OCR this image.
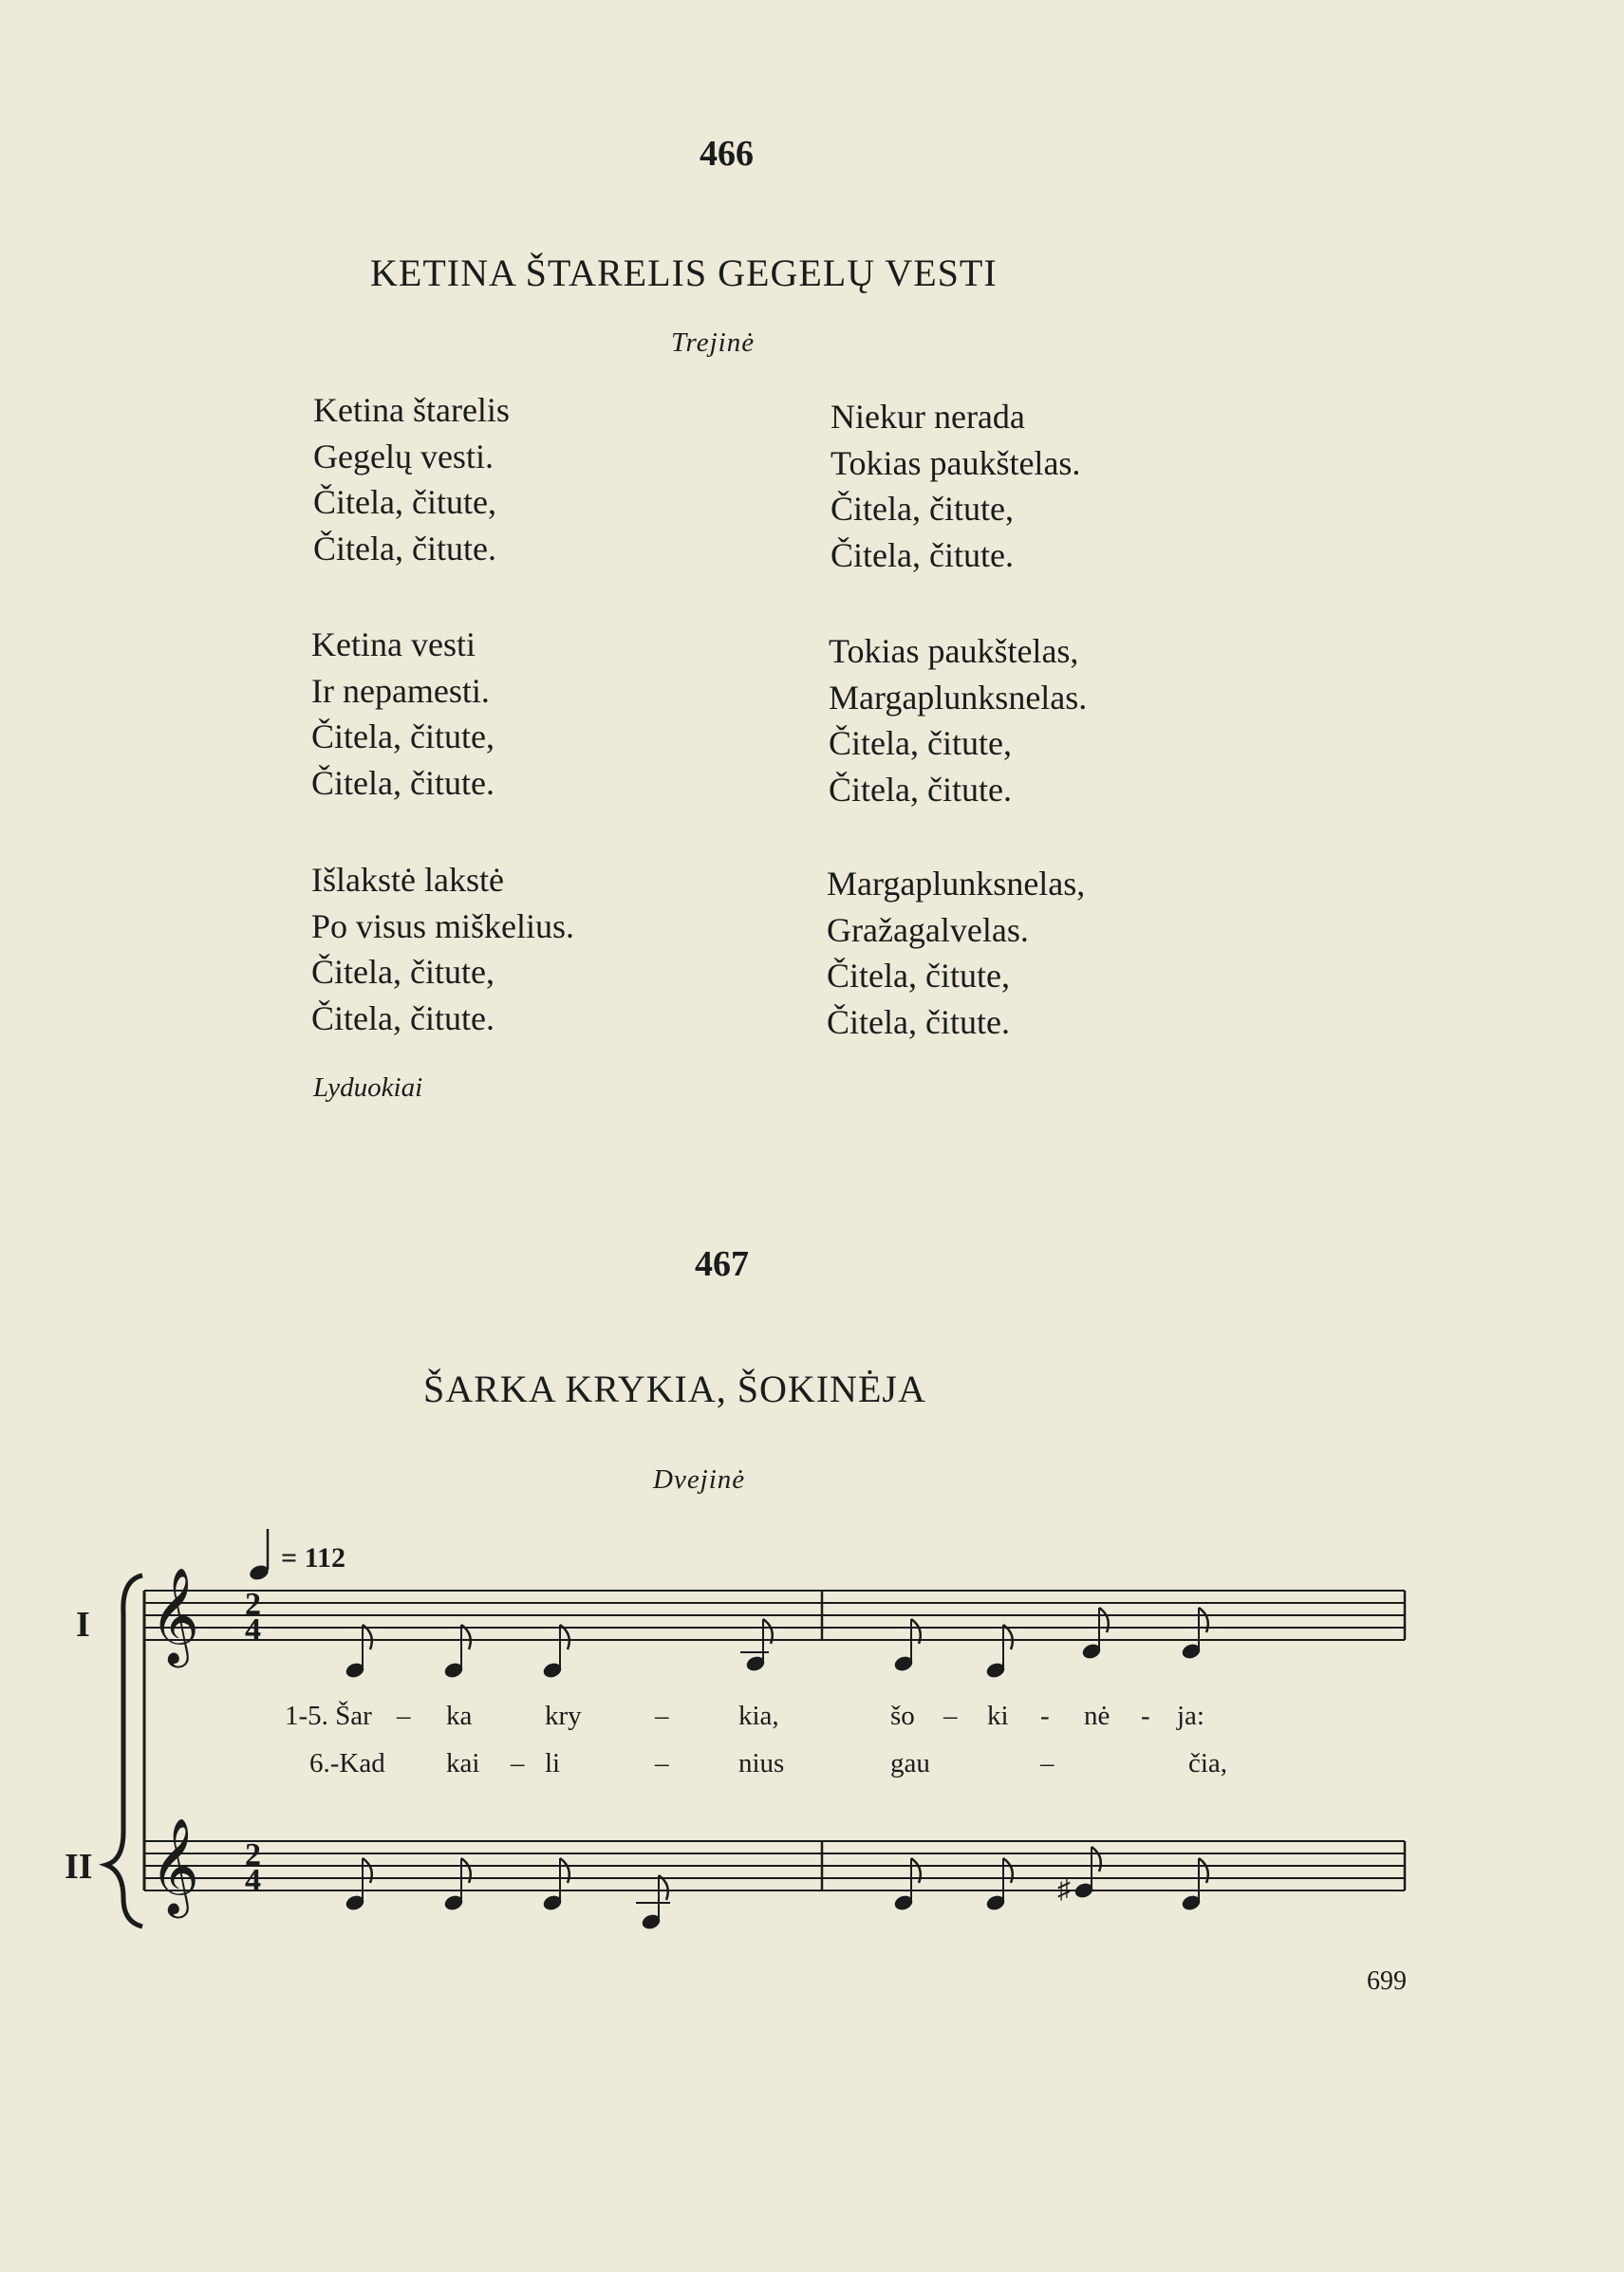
466
KETINA ŠTARELIS GEGELŲ VESTI
Trejinė
Ketina štarelis
Gegelų vesti.
Čitela, čitute,
Čitela, čitute.
Niekur nerada
Tokias paukštelas.
Čitela, čitute,
Čitela, čitute.
Ketina vesti
Ir nepamesti.
Čitela, čitute,
Čitela, čitute.
Tokias paukštelas,
Margaplunksnelas.
Čitela, čitute,
Čitela, čitute.
Išlakstė lakstė
Po visus miškelius.
Čitela, čitute,
Čitela, čitute.
Margaplunksnelas,
Gražagalvelas.
Čitela, čitute,
Čitela, čitute.
Lyduokiai
467
ŠARKA KRYKIA, ŠOKINĖJA
Dvejinė
= 112
I
II
𝄞 2
4
𝄞 2
4	♯
1-5. Šar – ka	kry	–	kia,	šo – ki - nė - ja:
6.-Kad kai – li	–	nius	gau	–	čia,
699
